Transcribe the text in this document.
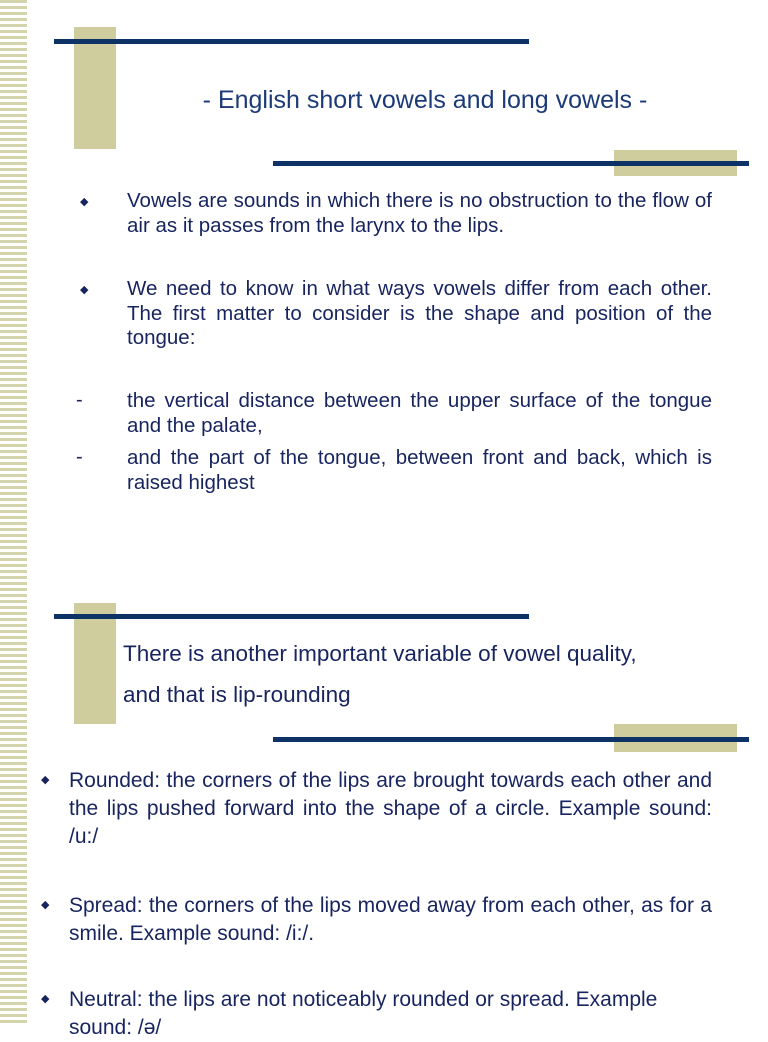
- English short vowels and long vowels -
◆ Vowels are sounds in which there is no obstruction to the flow of air as it passes from the larynx to the lips.
◆ We need to know in what ways vowels differ from each other. The first matter to consider is the shape and position of the tongue:
- the vertical distance between the upper surface of the tongue and the palate,
- and the part of the tongue, between front and back, which is raised highest
There is another important variable of vowel quality,
and that is lip-rounding
◆ Rounded: the corners of the lips are brought towards each other and the lips pushed forward into the shape of a circle. Example sound: /u:/
◆ Spread: the corners of the lips moved away from each other, as for a smile. Example sound: /i:/.
◆ Neutral: the lips are not noticeably rounded or spread. Example sound: /ə/
